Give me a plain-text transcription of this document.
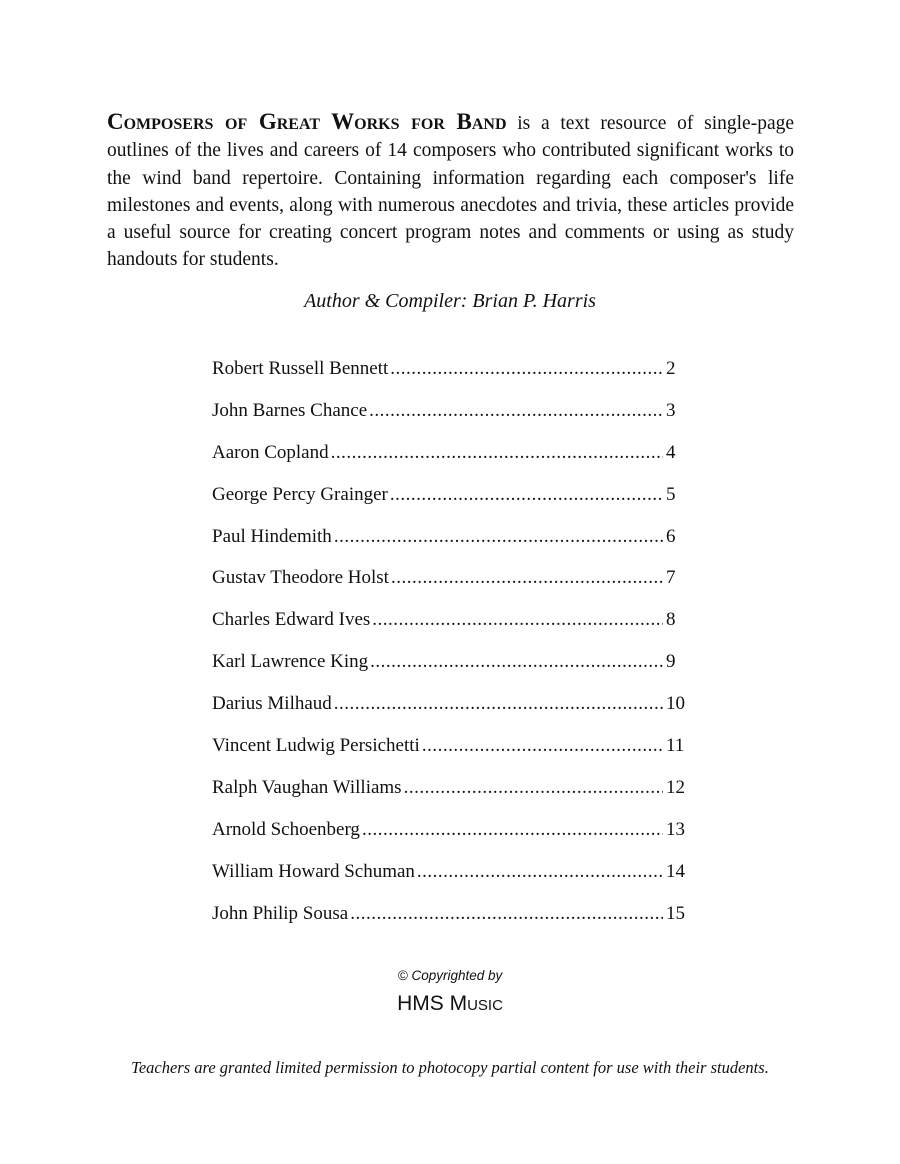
Composers of Great Works for Band is a text resource of single-page outlines of the lives and careers of 14 composers who contributed significant works to the wind band repertoire. Containing information regarding each composer's life milestones and events, along with numerous anecdotes and trivia, these articles provide a useful source for creating concert program notes and comments or using as study handouts for students.

Author & Compiler: Brian P. Harris

Robert Russell Bennett .....	2
John Barnes Chance .....	3
Aaron Copland .....	4
George Percy Grainger .....	5
Paul Hindemith .....	6
Gustav Theodore Holst .....	7
Charles Edward Ives .....	8
Karl Lawrence King .....	9
Darius Milhaud .....	10
Vincent Ludwig Persichetti .....	11
Ralph Vaughan Williams .....	12
Arnold Schoenberg .....	13
William Howard Schuman .....	14
John Philip Sousa .....	15

© Copyrighted by

HMS Music

Teachers are granted limited permission to photocopy partial content for use with their students.
